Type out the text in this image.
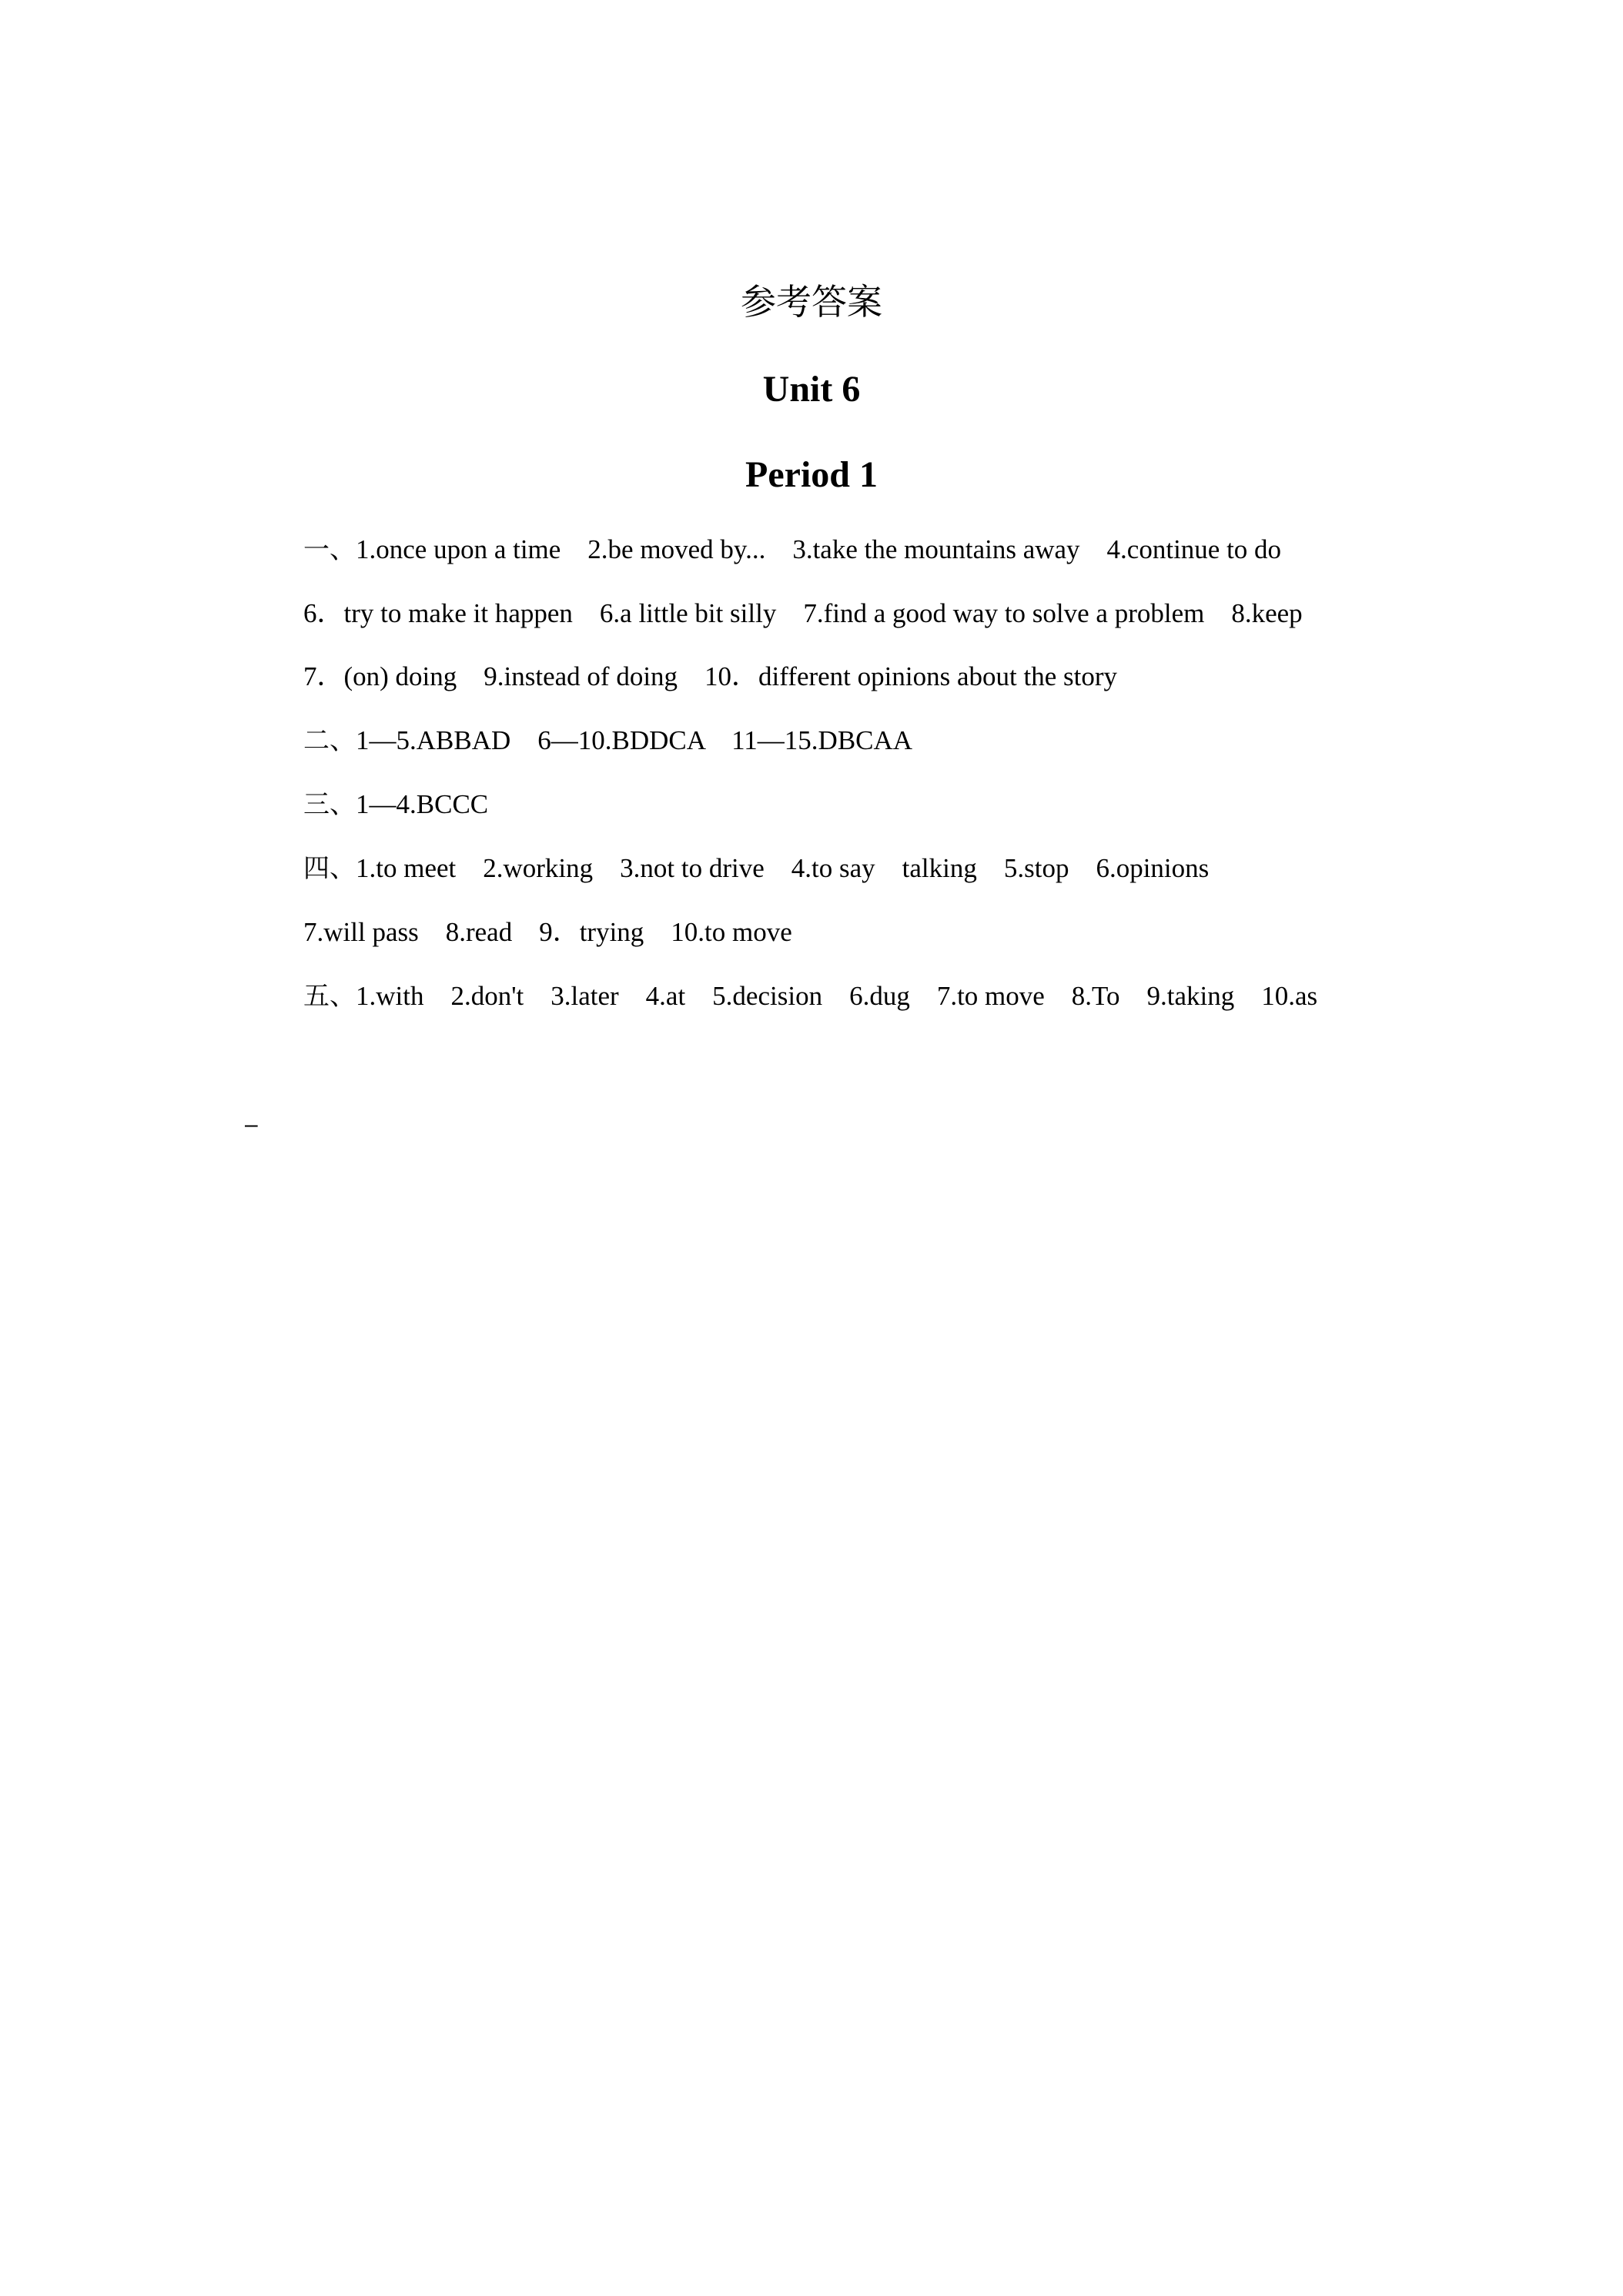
参考答案
Unit 6
Period 1
一、1.once upon a time    2.be moved by...    3.take the mountains away    4.continue to do
6．try to make it happen    6.a little bit silly    7.find a good way to solve a problem    8.keep
7．(on) doing    9.instead of doing    10．different opinions about the story
二、1—5.ABBAD    6—10.BDDCA    11—15.DBCAA
三、1—4.BCCC
四、1.to meet    2.working    3.not to drive    4.to say    talking    5.stop    6.opinions
7.will pass    8.read    9．trying    10.to move
五、1.with    2.don't    3.later    4.at    5.decision    6.dug    7.to move    8.To    9.taking    10.as
–
